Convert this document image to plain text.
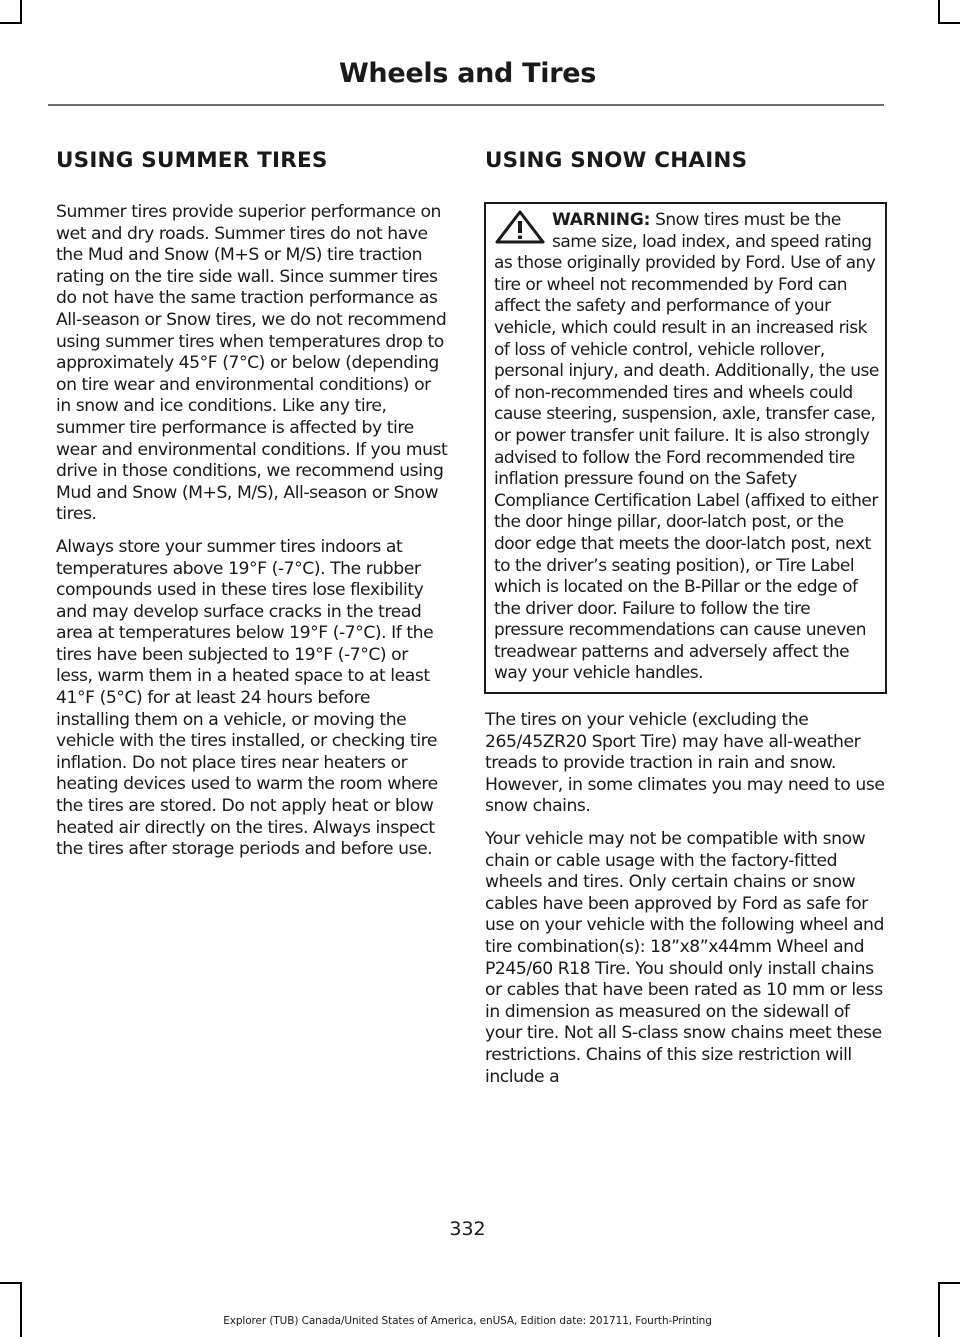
Wheels and Tires
USING SUMMER TIRES

Summer tires provide superior performance on wet and dry roads. Summer tires do not have the Mud and Snow (M+S or M/S) tire traction rating on the tire side wall. Since summer tires do not have the same traction performance as All-season or Snow tires, we do not recommend using summer tires when temperatures drop to approximately 45°F (7°C) or below (depending on tire wear and environmental conditions) or in snow and ice conditions. Like any tire, summer tire performance is affected by tire wear and environmental conditions. If you must drive in those conditions, we recommend using Mud and Snow (M+S, M/S), All-season or Snow tires.

Always store your summer tires indoors at temperatures above 19°F (-7°C). The rubber compounds used in these tires lose flexibility and may develop surface cracks in the tread area at temperatures below 19°F (-7°C). If the tires have been subjected to 19°F (-7°C) or less, warm them in a heated space to at least 41°F (5°C) for at least 24 hours before installing them on a vehicle, or moving the vehicle with the tires installed, or checking tire inflation. Do not place tires near heaters or heating devices used to warm the room where the tires are stored. Do not apply heat or blow heated air directly on the tires. Always inspect the tires after storage periods and before use.

USING SNOW CHAINS

WARNING: Snow tires must be the same size, load index, and speed rating as those originally provided by Ford. Use of any tire or wheel not recommended by Ford can affect the safety and performance of your vehicle, which could result in an increased risk of loss of vehicle control, vehicle rollover, personal injury, and death. Additionally, the use of non-recommended tires and wheels could cause steering, suspension, axle, transfer case, or power transfer unit failure. It is also strongly advised to follow the Ford recommended tire inflation pressure found on the Safety Compliance Certification Label (affixed to either the door hinge pillar, door-latch post, or the door edge that meets the door-latch post, next to the driver’s seating position), or Tire Label which is located on the B-Pillar or the edge of the driver door. Failure to follow the tire pressure recommendations can cause uneven treadwear patterns and adversely affect the way your vehicle handles.

The tires on your vehicle (excluding the 265/45ZR20 Sport Tire) may have all-weather treads to provide traction in rain and snow. However, in some climates you may need to use snow chains.

Your vehicle may not be compatible with snow chain or cable usage with the factory-fitted wheels and tires. Only certain chains or snow cables have been approved by Ford as safe for use on your vehicle with the following wheel and tire combination(s): 18”x8”x44mm Wheel and P245/60 R18 Tire. You should only install chains or cables that have been rated as 10 mm or less in dimension as measured on the sidewall of your tire. Not all S-class snow chains meet these restrictions. Chains of this size restriction will include a

332
Explorer (TUB) Canada/United States of America, enUSA, Edition date: 201711, Fourth-Printing
